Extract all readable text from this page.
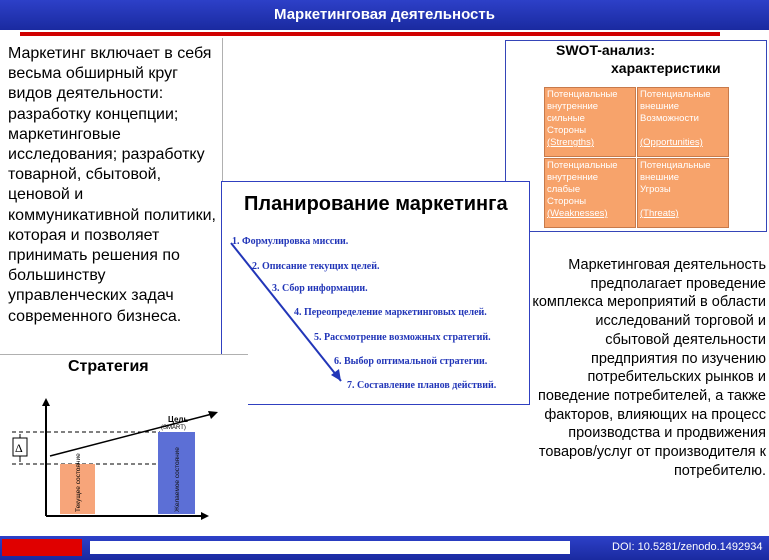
Маркетинговая деятельность
Маркетинг включает в себя весьма обширный круг видов деятельности: разработку концепции; маркетинговые исследования; разработку товарной, сбытовой, ценовой и коммуникативной политики, которая и позволяет принимать решения по большинству управленческих задач современного бизнеса.
SWOT-анализ:
характеристики
Потенциальные
внутренние
сильные
Стороны
(Strengths)
Потенциальные
внешние
Возможности
(Opportunities)
Потенциальные
внутренние
слабые
Стороны
(Weaknesses)
Потенциальные
внешние
Угрозы
(Threats)
Планирование маркетинга
1. Формулировка миссии.
2. Описание текущих целей.
3. Сбор информации.
4. Переопределение маркетинговых целей.
5. Рассмотрение возможных стратегий.
6. Выбор оптимальной стратегии.
7. Составление планов действий.
Маркетинговая деятельность предполагает проведение комплекса мероприятий в области исследований торговой и сбытовой деятельности предприятия по изучению потребительских рынков и поведение потребителей, а также факторов, влияющих на процесс производства и продвижения товаров/услуг от производителя к потребителю.
Стратегия
Δ
Цель
(SMART)
Текущее состояние	Желаемое состояние
DOI: 10.5281/zenodo.1492934
